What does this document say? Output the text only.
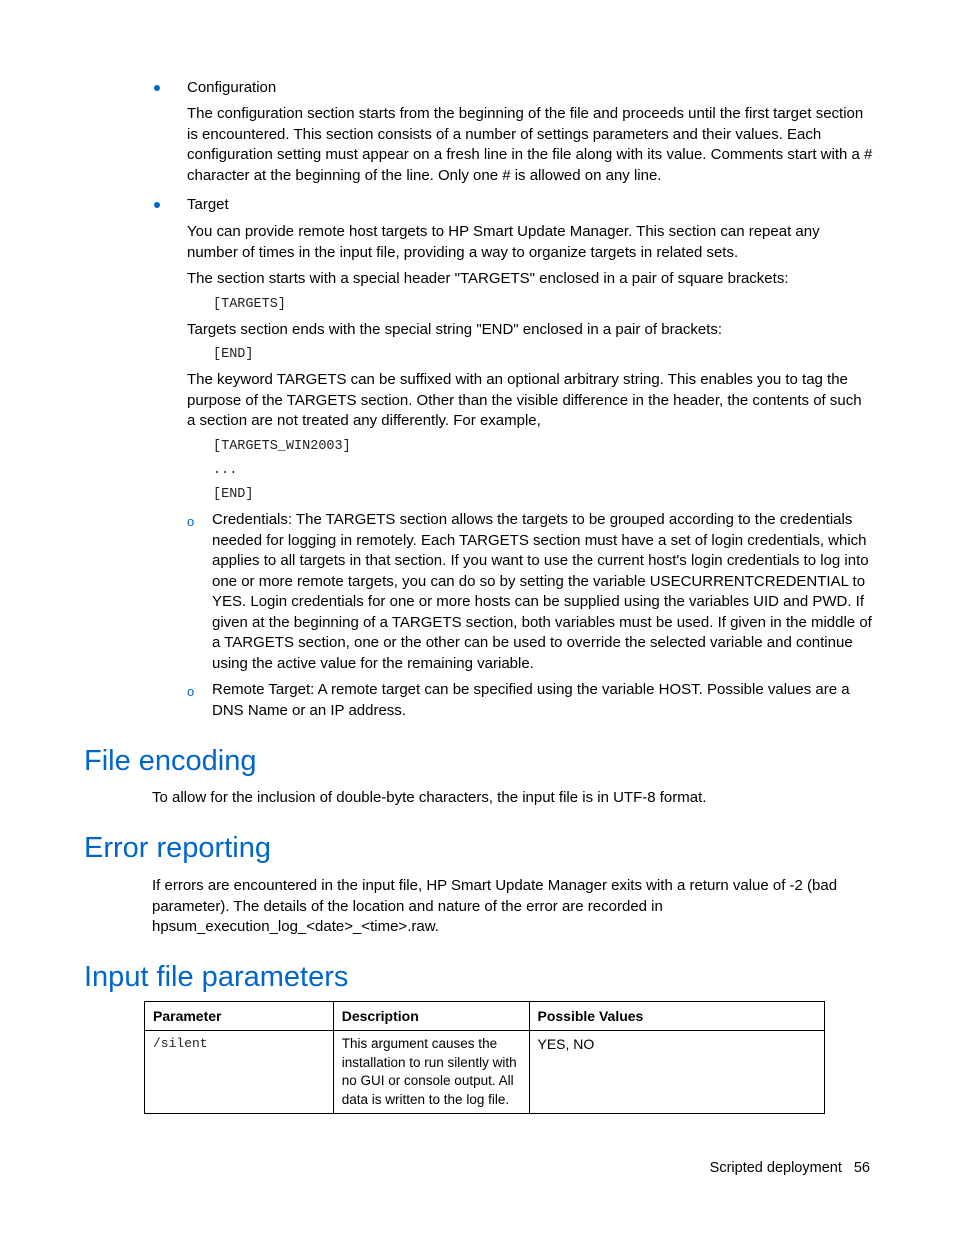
Configuration

The configuration section starts from the beginning of the file and proceeds until the first target section is encountered. This section consists of a number of settings parameters and their values. Each configuration setting must appear on a fresh line in the file along with its value. Comments start with a # character at the beginning of the line. Only one # is allowed on any line.

Target

You can provide remote host targets to HP Smart Update Manager. This section can repeat any number of times in the input file, providing a way to organize targets in related sets.

The section starts with a special header "TARGETS" enclosed in a pair of square brackets:

[TARGETS]

Targets section ends with the special string "END" enclosed in a pair of brackets:

[END]

The keyword TARGETS can be suffixed with an optional arbitrary string. This enables you to tag the purpose of the TARGETS section. Other than the visible difference in the header, the contents of such a section are not treated any differently. For example,

[TARGETS_WIN2003]
...
[END]
o Credentials: The TARGETS section allows the targets to be grouped according to the credentials needed for logging in remotely. Each TARGETS section must have a set of login credentials, which applies to all targets in that section. If you want to use the current host's login credentials to log into one or more remote targets, you can do so by setting the variable USECURRENTCREDENTIAL to YES. Login credentials for one or more hosts can be supplied using the variables UID and PWD. If given at the beginning of a TARGETS section, both variables must be used. If given in the middle of a TARGETS section, one or the other can be used to override the selected variable and continue using the active value for the remaining variable.

o Remote Target: A remote target can be specified using the variable HOST. Possible values are a DNS Name or an IP address.

File encoding

To allow for the inclusion of double-byte characters, the input file is in UTF-8 format.

Error reporting

If errors are encountered in the input file, HP Smart Update Manager exits with a return value of -2 (bad parameter). The details of the location and nature of the error are recorded in hpsum_execution_log_<date>_<time>.raw.

Input file parameters
Parameter	Description	Possible Values
/silent	This argument causes the installation to run silently with no GUI or console output. All data is written to the log file.	YES, NO
Scripted deployment 56
